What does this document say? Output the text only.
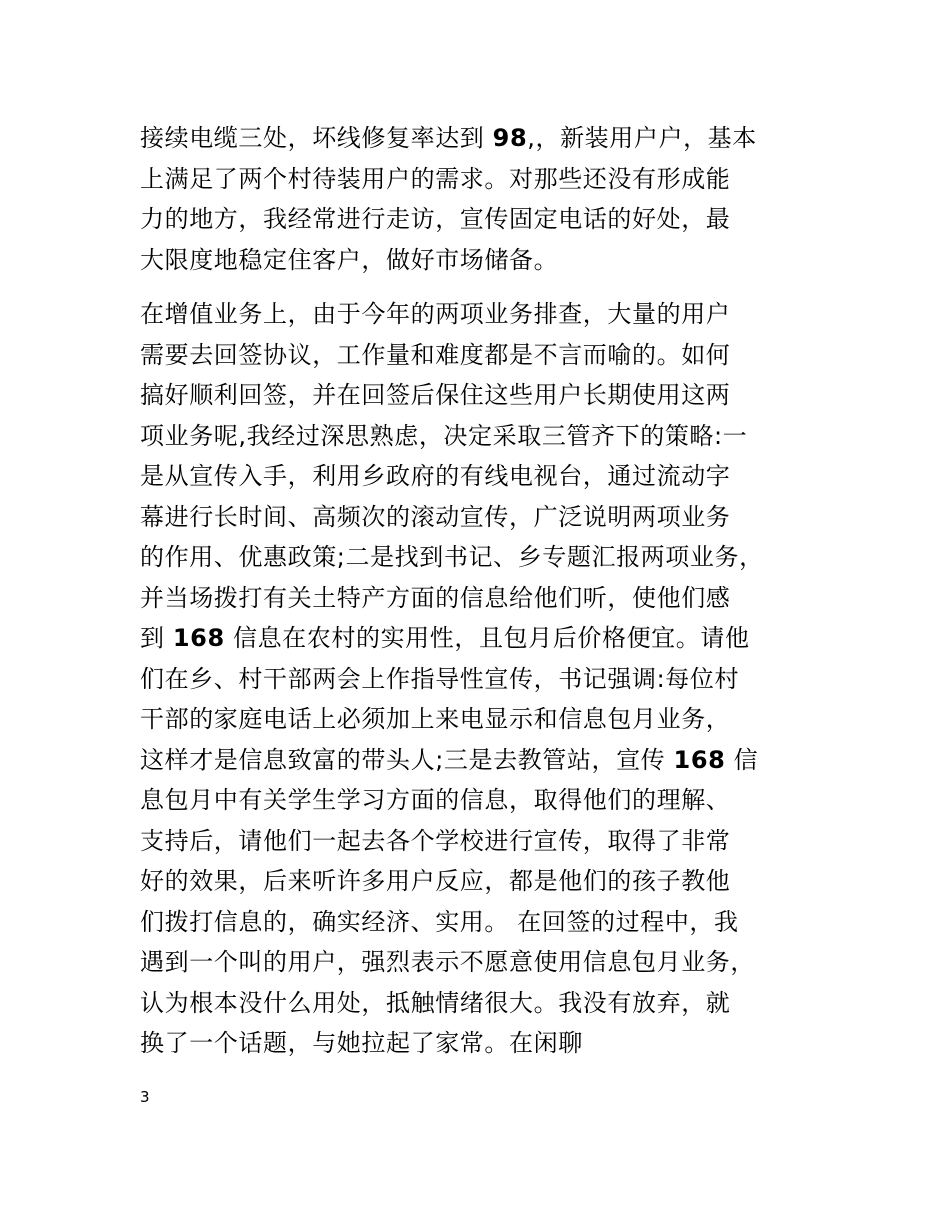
接续电缆三处，坏线修复率达到 98,，新装用户户，基本
上满足了两个村待装用户的需求。对那些还没有形成能
力的地方，我经常进行走访，宣传固定电话的好处，最
大限度地稳定住客户，做好市场储备。
在增值业务上，由于今年的两项业务排查，大量的用户
需要去回签协议，工作量和难度都是不言而喻的。如何
搞好顺利回签，并在回签后保住这些用户长期使用这两
项业务呢,我经过深思熟虑，决定采取三管齐下的策略:一
是从宣传入手，利用乡政府的有线电视台，通过流动字
幕进行长时间、高频次的滚动宣传，广泛说明两项业务
的作用、优惠政策;二是找到书记、乡专题汇报两项业务，
并当场拨打有关土特产方面的信息给他们听，使他们感
到 168 信息在农村的实用性，且包月后价格便宜。请他
们在乡、村干部两会上作指导性宣传，书记强调:每位村
干部的家庭电话上必须加上来电显示和信息包月业务，
这样才是信息致富的带头人;三是去教管站，宣传 168 信
息包月中有关学生学习方面的信息，取得他们的理解、
支持后，请他们一起去各个学校进行宣传，取得了非常
好的效果，后来听许多用户反应，都是他们的孩子教他
们拨打信息的，确实经济、实用。 在回签的过程中，我
遇到一个叫的用户，强烈表示不愿意使用信息包月业务，
认为根本没什么用处，抵触情绪很大。我没有放弃，就
换了一个话题，与她拉起了家常。在闲聊
3
